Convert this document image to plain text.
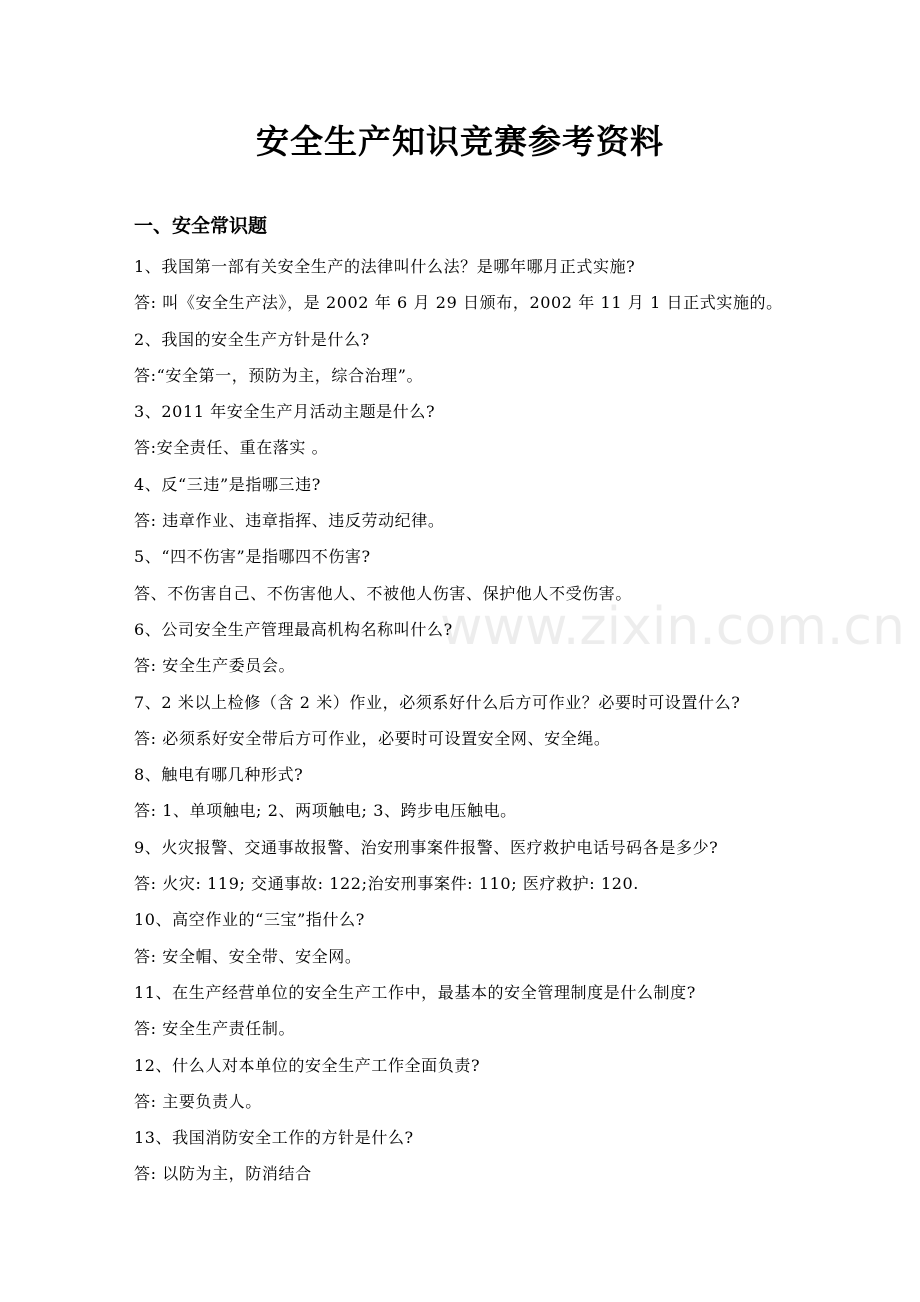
安全生产知识竞赛参考资料
一、安全常识题
1、我国第一部有关安全生产的法律叫什么法？是哪年哪月正式实施?
答: 叫《安全生产法》，是 2002 年 6 月 29 日颁布，2002 年 11 月 1 日正式实施的。
2、我国的安全生产方针是什么?
答:“安全第一，预防为主，综合治理”。
3、2011 年安全生产月活动主题是什么?
答:安全责任、重在落实 。
4、反“三违”是指哪三违?
答: 违章作业、违章指挥、违反劳动纪律。
5、“四不伤害”是指哪四不伤害?
答、不伤害自己、不伤害他人、不被他人伤害、保护他人不受伤害。
6、公司安全生产管理最高机构名称叫什么?
答: 安全生产委员会。
7、2 米以上检修（含 2 米）作业，必须系好什么后方可作业？必要时可设置什么?
答: 必须系好安全带后方可作业，必要时可设置安全网、安全绳。
8、触电有哪几种形式?
答: 1、单项触电; 2、两项触电; 3、跨步电压触电。
9、火灾报警、交通事故报警、治安刑事案件报警、医疗救护电话号码各是多少?
答: 火灾: 119; 交通事故: 122;治安刑事案件: 110; 医疗救护: 120.
10、高空作业的“三宝”指什么?
答: 安全帽、安全带、安全网。
11、在生产经营单位的安全生产工作中，最基本的安全管理制度是什么制度?
答: 安全生产责任制。
12、什么人对本单位的安全生产工作全面负责?
答: 主要负责人。
13、我国消防安全工作的方针是什么?
答: 以防为主，防消结合
www.zixin.com.cn
